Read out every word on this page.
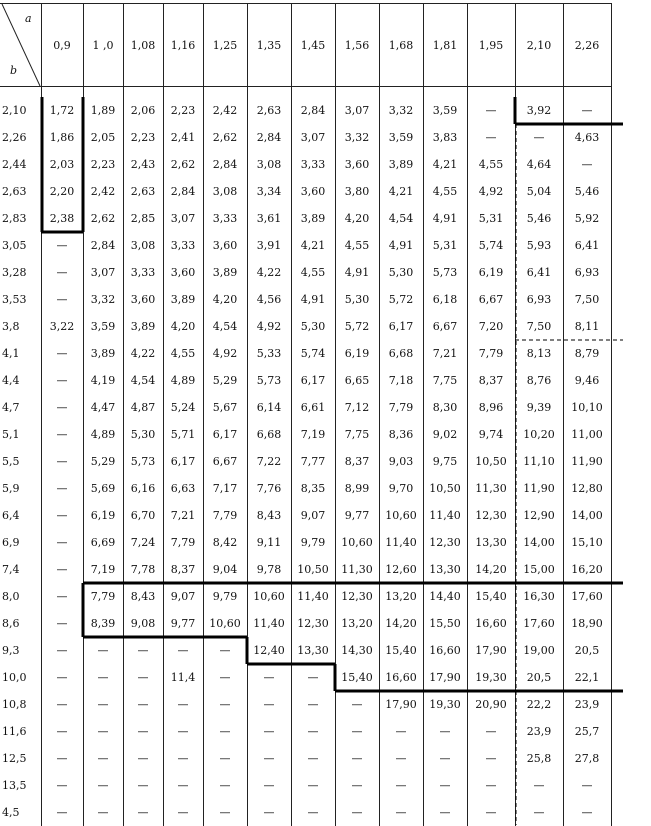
a
b	0,9	1 ,0	1,08	1,16	1,25	1,35	1,45	1,56	1,68	1,81	1,95	2,10	2,26

2,10	1,72	1,89	2,06	2,23	2,42	2,63	2,84	3,07	3,32	3,59	—	3,92	—
2,26	1,86	2,05	2,23	2,41	2,62	2,84	3,07	3,32	3,59	3,83	—	—	4,63
2,44	2,03	2,23	2,43	2,62	2,84	3,08	3,33	3,60	3,89	4,21	4,55	4,64	—
2,63	2,20	2,42	2,63	2,84	3,08	3,34	3,60	3,80	4,21	4,55	4,92	5,04	5,46
2,83	2,38	2,62	2,85	3,07	3,33	3,61	3,89	4,20	4,54	4,91	5,31	5,46	5,92
3,05	—	2,84	3,08	3,33	3,60	3,91	4,21	4,55	4,91	5,31	5,74	5,93	6,41
3,28	—	3,07	3,33	3,60	3,89	4,22	4,55	4,91	5,30	5,73	6,19	6,41	6,93
3,53	—	3,32	3,60	3,89	4,20	4,56	4,91	5,30	5,72	6,18	6,67	6,93	7,50
3,8	3,22	3,59	3,89	4,20	4,54	4,92	5,30	5,72	6,17	6,67	7,20	7,50	8,11
4,1	—	3,89	4,22	4,55	4,92	5,33	5,74	6,19	6,68	7,21	7,79	8,13	8,79
4,4	—	4,19	4,54	4,89	5,29	5,73	6,17	6,65	7,18	7,75	8,37	8,76	9,46
4,7	—	4,47	4,87	5,24	5,67	6,14	6,61	7,12	7,79	8,30	8,96	9,39	10,10
5,1	—	4,89	5,30	5,71	6,17	6,68	7,19	7,75	8,36	9,02	9,74	10,20	11,00
5,5	—	5,29	5,73	6,17	6,67	7,22	7,77	8,37	9,03	9,75	10,50	11,10	11,90
5,9	—	5,69	6,16	6,63	7,17	7,76	8,35	8,99	9,70	10,50	11,30	11,90	12,80
6,4	—	6,19	6,70	7,21	7,79	8,43	9,07	9,77	10,60	11,40	12,30	12,90	14,00
6,9	—	6,69	7,24	7,79	8,42	9,11	9,79	10,60	11,40	12,30	13,30	14,00	15,10
7,4	—	7,19	7,78	8,37	9,04	9,78	10,50	11,30	12,60	13,30	14,20	15,00	16,20
8,0	—	7,79	8,43	9,07	9,79	10,60	11,40	12,30	13,20	14,40	15,40	16,30	17,60
8,6	—	8,39	9,08	9,77	10,60	11,40	12,30	13,20	14,20	15,50	16,60	17,60	18,90
9,3	—	—	—	—	—	12,40	13,30	14,30	15,40	16,60	17,90	19,00	20,5
10,0	—	—	—	11,4	—	—	—	15,40	16,60	17,90	19,30	20,5	22,1
10,8	—	—	—	—	—	—	—	—	17,90	19,30	20,90	22,2	23,9
11,6	—	—	—	—	—	—	—	—	—	—	—	23,9	25,7
12,5	—	—	—	—	—	—	—	—	—	—	—	25,8	27,8
13,5	—	—	—	—	—	—	—	—	—	—	—	—	—
4,5	—	—	—	—	—	—	—	—	—	—	—	—	—
